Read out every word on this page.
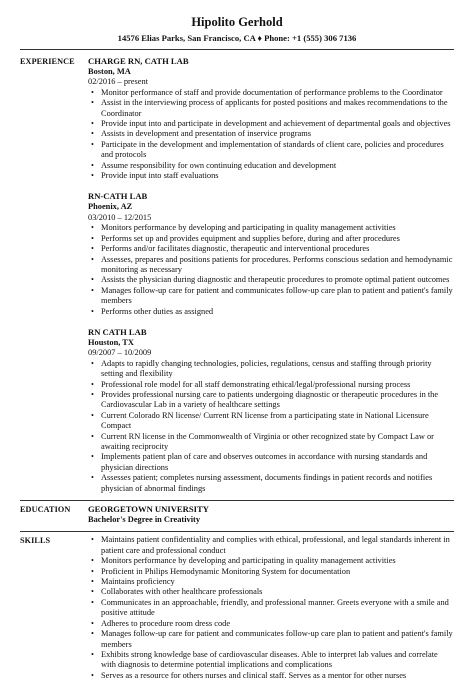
Hipolito Gerhold
14576 Elias Parks, San Francisco, CA ♦ Phone: +1 (555) 306 7136
EXPERIENCE	CHARGE RN, CATH LAB
Boston, MA
02/2016 – present
• Monitor performance of staff and provide documentation of performance problems to the Coordinator
• Assist in the interviewing process of applicants for posted positions and makes recommendations to the Coordinator
• Provide input into and participate in development and achievement of departmental goals and objectives
• Assists in development and presentation of inservice programs
• Participate in the development and implementation of standards of client care, policies and procedures and protocols
• Assume responsibility for own continuing education and development
• Provide input into staff evaluations
RN-CATH LAB
Phoenix, AZ
03/2010 – 12/2015
• Monitors performance by developing and participating in quality management activities
• Performs set up and provides equipment and supplies before, during and after procedures
• Performs and/or facilitates diagnostic, therapeutic and interventional procedures
• Assesses, prepares and positions patients for procedures. Performs conscious sedation and hemodynamic monitoring as necessary
• Assists the physician during diagnostic and therapeutic procedures to promote optimal patient outcomes
• Manages follow-up care for patient and communicates follow-up care plan to patient and patient's family members
• Performs other duties as assigned
RN CATH LAB
Houston, TX
09/2007 – 10/2009
• Adapts to rapidly changing technologies, policies, regulations, census and staffing through priority setting and flexibility
• Professional role model for all staff demonstrating ethical/legal/professional nursing process
• Provides professional nursing care to patients undergoing diagnostic or therapeutic procedures in the Cardiovascular Lab in a variety of healthcare settings
• Current Colorado RN license/ Current RN license from a participating state in National Licensure Compact
• Current RN license in the Commonwealth of Virginia or other recognized state by Compact Law or awaiting reciprocity
• Implements patient plan of care and observes outcomes in accordance with nursing standards and physician directions
• Assesses patient; completes nursing assessment, documents findings in patient records and notifies physician of abnormal findings
EDUCATION	GEORGETOWN UNIVERSITY
Bachelor's Degree in Creativity
SKILLS
•	Maintains patient confidentiality and complies with ethical, professional, and legal standards inherent in patient care and professional conduct
• Monitors performance by developing and participating in quality management activities
• Proficient in Philips Hemodynamic Monitoring System for documentation
• Maintains proficiency
• Collaborates with other healthcare professionals
• Communicates in an approachable, friendly, and professional manner. Greets everyone with a smile and positive attitude
• Adheres to procedure room dress code
• Manages follow-up care for patient and communicates follow-up care plan to patient and patient's family members
• Exhibits strong knowledge base of cardiovascular diseases. Able to interpret lab values and correlate with diagnosis to determine potential implications and complications
• Serves as a resource for others nurses and clinical staff. Serves as a mentor for other nurses
